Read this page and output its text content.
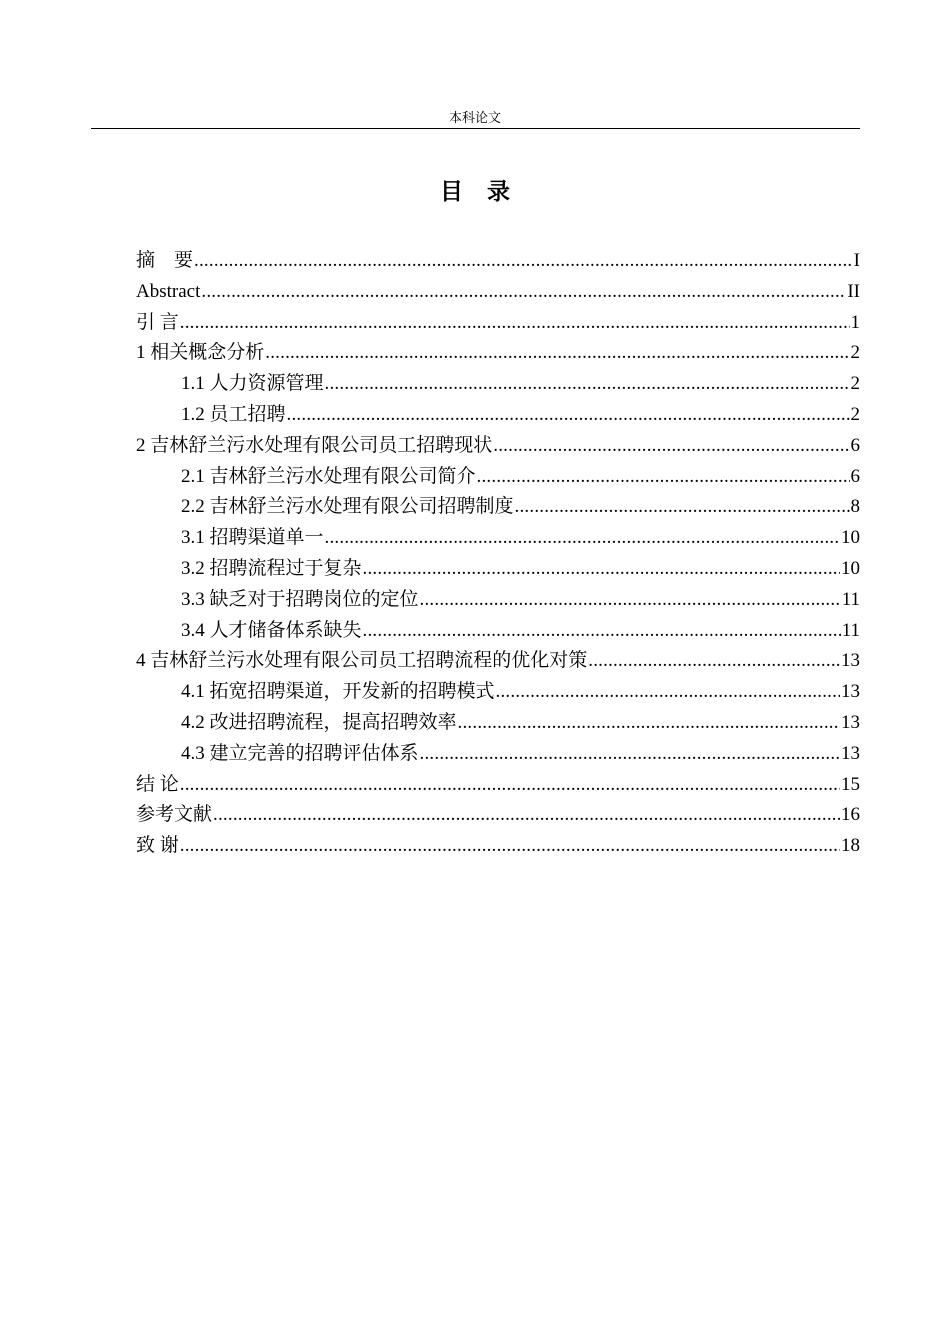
本科论文
目录
摘　要 .....	I
Abstract .....	II
引 言 .....	1
1 相关概念分析 .....	2
1.1 人力资源管理 .....	2
1.2 员工招聘 .....	2
2 吉林舒兰污水处理有限公司员工招聘现状 .....	6
2.1 吉林舒兰污水处理有限公司简介 .....	6
2.2 吉林舒兰污水处理有限公司招聘制度 .....	8
3.1 招聘渠道单一 .....	10
3.2 招聘流程过于复杂 .....	10
3.3 缺乏对于招聘岗位的定位 .....	11
3.4 人才储备体系缺失 .....	11
4 吉林舒兰污水处理有限公司员工招聘流程的优化对策 .....	13
4.1 拓宽招聘渠道，开发新的招聘模式 .....	13
4.2 改进招聘流程，提高招聘效率 .....	13
4.3 建立完善的招聘评估体系 .....	13
结 论 .....	15
参考文献 .....	16
致 谢 .....	18
